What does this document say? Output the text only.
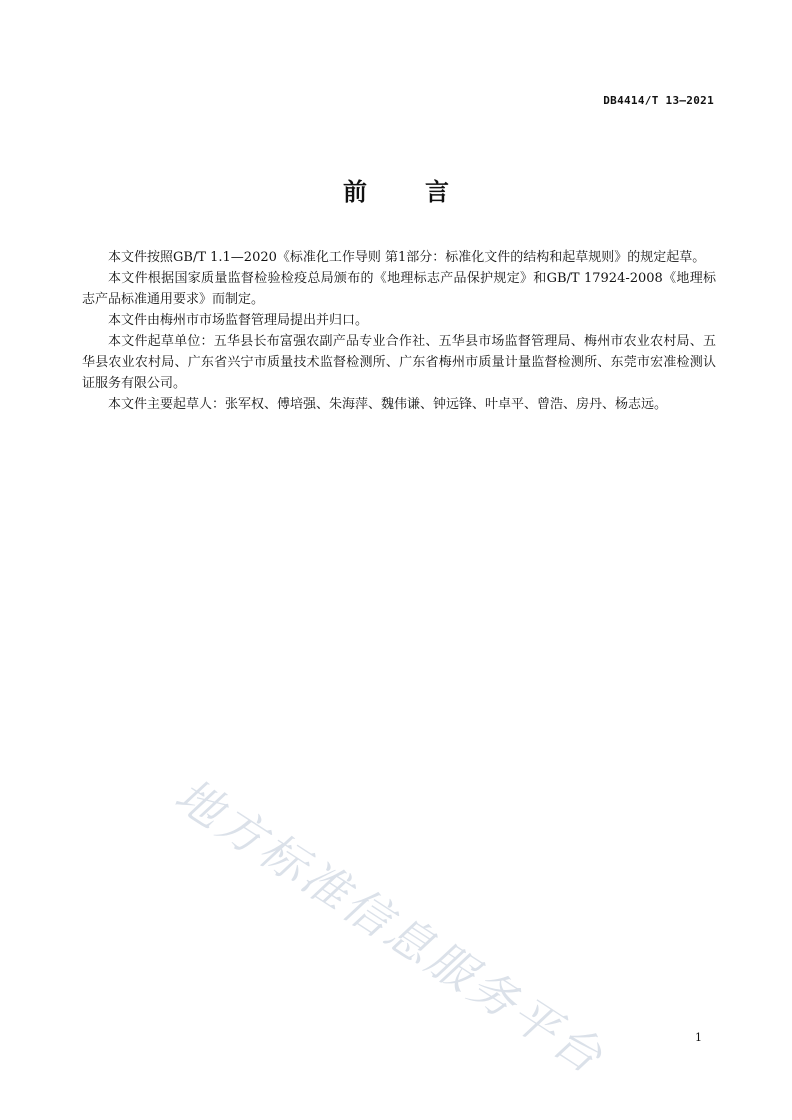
DB4414/T 13—2021
前言

本文件按照GB/T 1.1—2020《标准化工作导则 第1部分：标准化文件的结构和起草规则》的规定起草。

本文件根据国家质量监督检验检疫总局颁布的《地理标志产品保护规定》和GB/T 17924-2008《地理标志产品标准通用要求》而制定。

本文件由梅州市市场监督管理局提出并归口。

本文件起草单位：五华县长布富强农副产品专业合作社、五华县市场监督管理局、梅州市农业农村局、五华县农业农村局、广东省兴宁市质量技术监督检测所、广东省梅州市质量计量监督检测所、东莞市宏准检测认证服务有限公司。

本文件主要起草人：张军权、傅培强、朱海萍、魏伟谦、钟远锋、叶卓平、曾浩、房丹、杨志远。

地方标准信息服务平台	1
